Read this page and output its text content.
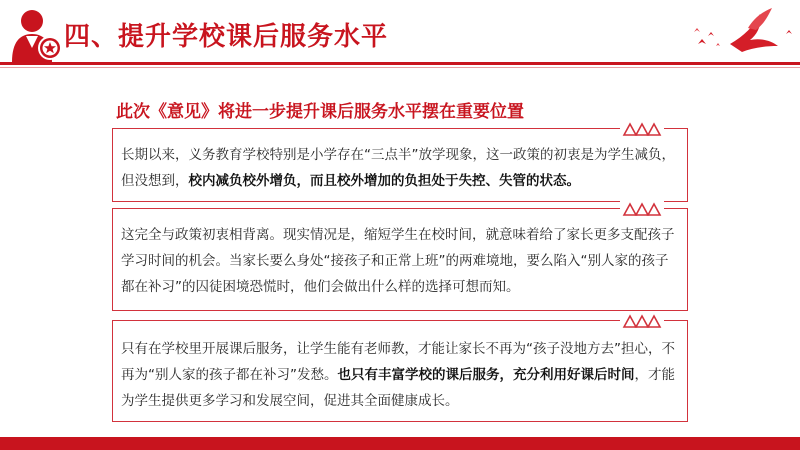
四、提升学校课后服务水平
此次《意见》将进一步提升课后服务水平摆在重要位置

长期以来，义务教育学校特别是小学存在“三点半”放学现象，这一政策的初衷是为学生减负，但没想到，校内减负校外增负，而且校外增加的负担处于失控、失管的状态。

这完全与政策初衷相背离。现实情况是，缩短学生在校时间，就意味着给了家长更多支配孩子学习时间的机会。当家长要么身处“接孩子和正常上班”的两难境地，要么陷入“别人家的孩子都在补习”的囚徒困境恐慌时，他们会做出什么样的选择可想而知。

只有在学校里开展课后服务，让学生能有老师教，才能让家长不再为“孩子没地方去”担心，不再为“别人家的孩子都在补习”发愁。也只有丰富学校的课后服务，充分利用好课后时间，才能为学生提供更多学习和发展空间，促进其全面健康成长。
